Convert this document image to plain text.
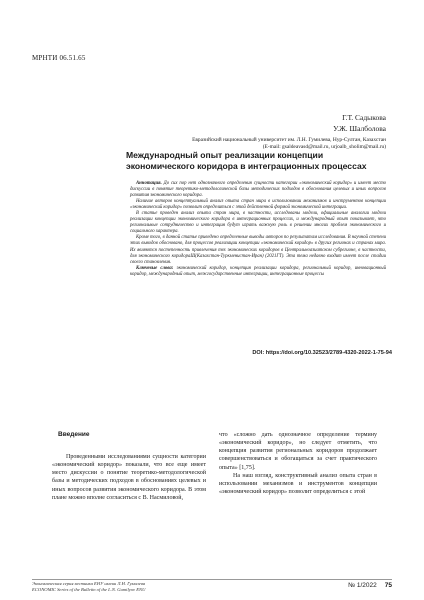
МРНТИ 06.51.65
Г.Т. Садыкова
У.Ж. Шалболова
Евразийский национальный университет им. Л.Н. Гумилева, Нур-Султан, Казахстан
(E-mail: gsaldeavasd@mail.ru, urjoalb_sholim@mail.ru)
Международный опыт реализации концепции экономического коридора в интеграционных процессах

Аннотация. До сих пор нет однозначного определения сущности категории «экономический коридор» и имеет место дискуссии в понятие теоретико-методологической базы методических подходов в обоснования целевых и иных вопросов развития экономического коридора.

Наличие авторов концептуальный анализ опыта стран мира в использовании механизмов и инструментов концепции «экономический коридор» позволит определиться с этой действенной формой экономической интеграции.

В статье проведен анализ опыта стран мира, в частности, исследованы модели, официальные аналогии модели реализации концепции экономического коридора в интеграционных процессах, и международный опыт показывает, что региональные сотрудничество и интеграция будут играть важную роль в решении многих проблем экономического и социального характера.

Кроме того, в данной статье приведено определенные выводы авторов по результатам исследования. В научной степени этих выводов обосновано, для процессов реализации концепции «экономический коридор» в других регионах и странах мира. Их являются постепенность привлечения тех экономических коридоров в Центральноазиатском субрегионе, в частности, для экономического коридораШ(Казахстан-Туркменистан-Иран) (2021ГТ). Эта тема недавно входит имеет после стадии своего становления.

Ключевые слова: экономический коридор, концепция реализации коридора, региональный коридор, инновационный коридор, международный опыт, межгосударственные интеграции, интеграционные процессы

DOI: https://doi.org/10.32523/2789-4320-2022-1-75-94
Введение

Проведенными исследованиями сущности категории «экономический коридор» показали, что все еще имеет место дискуссии о понятие теоретико-методологической базы и методических подходов в обоснованиях целевых и иных вопросов развития экономического коридора. В этом плане можно вполне согласиться с В. Насмиловой,

что «сложно дать однозначное определение термину «экономический коридор», но следует отметить, что концепция развития региональных коридоров продолжает совершенствоваться и обогащаться за счет практического опыта» [1,75].

На наш взгляд, конструктивный анализ опыта стран в использовании механизмов и инструментов концепции «экономический коридор» позволит определиться с этой

Экономическая серия вестника ЕНУ имени Л.Н. Гумилева
ECONOMIC Series of the Bulletin of the L.N. Gumilyov ENU
№ 1/2022 75
